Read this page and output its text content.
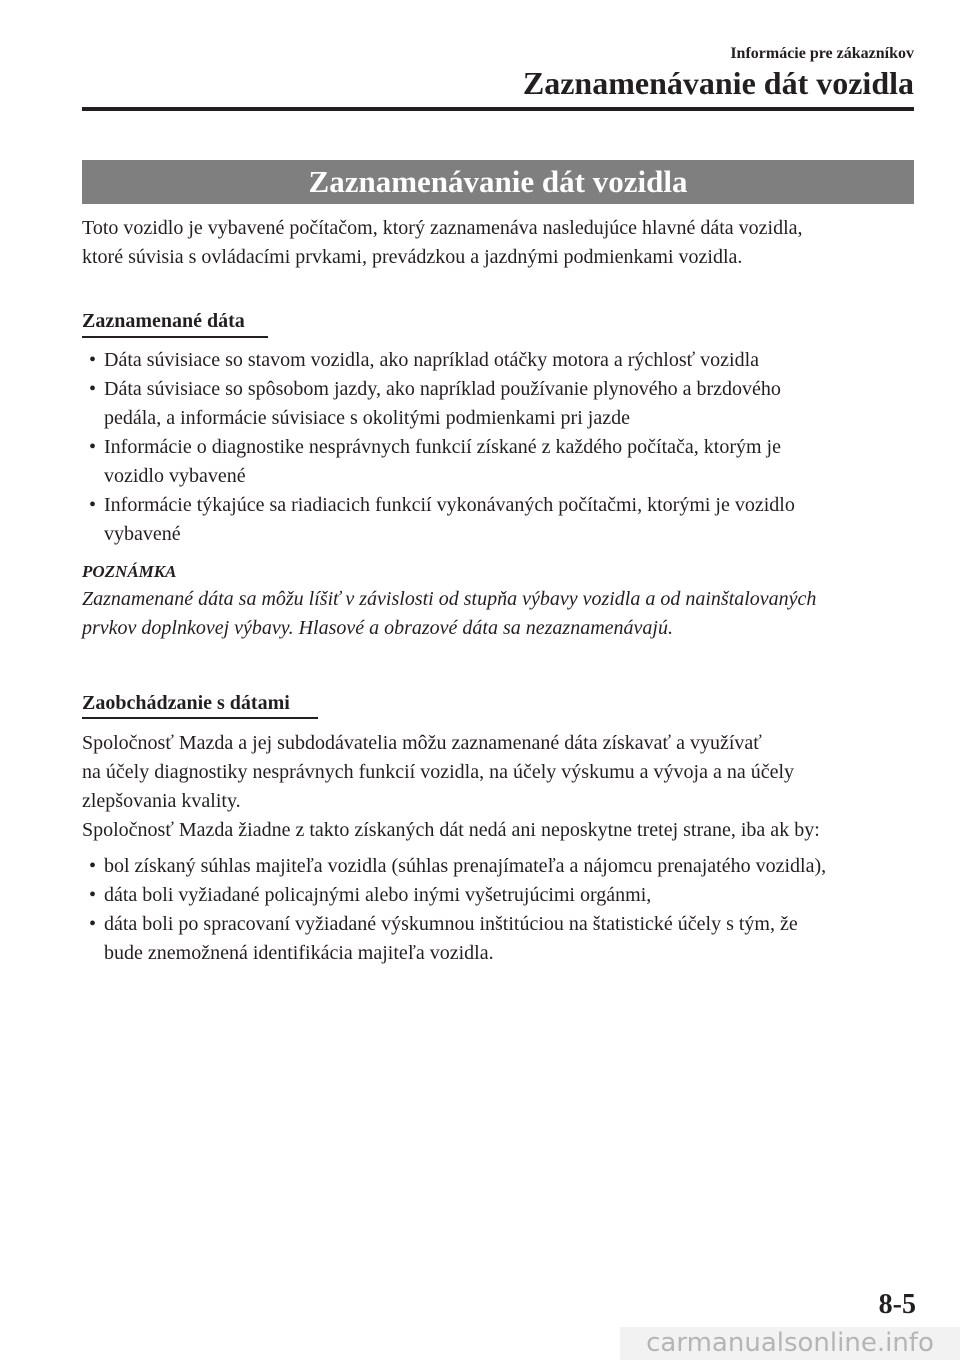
Informácie pre zákazníkov
Zaznamenávanie dát vozidla
Zaznamenávanie dát vozidla
Toto vozidlo je vybavené počítačom, ktorý zaznamenáva nasledujúce hlavné dáta vozidla,
ktoré súvisia s ovládacími prvkami, prevádzkou a jazdnými podmienkami vozidla.
Zaznamenané dáta
• Dáta súvisiace so stavom vozidla, ako napríklad otáčky motora a rýchlosť vozidla
• Dáta súvisiace so spôsobom jazdy, ako napríklad používanie plynového a brzdového
pedála, a informácie súvisiace s okolitými podmienkami pri jazde
• Informácie o diagnostike nesprávnych funkcií získané z každého počítača, ktorým je
vozidlo vybavené
• Informácie týkajúce sa riadiacich funkcií vykonávaných počítačmi, ktorými je vozidlo
vybavené
POZNÁMKA
Zaznamenané dáta sa môžu líšiť v závislosti od stupňa výbavy vozidla a od nainštalovaných
prvkov doplnkovej výbavy. Hlasové a obrazové dáta sa nezaznamenávajú.
Zaobchádzanie s dátami
Spoločnosť Mazda a jej subdodávatelia môžu zaznamenané dáta získavať a využívať
na účely diagnostiky nesprávnych funkcií vozidla, na účely výskumu a vývoja a na účely
zlepšovania kvality.
Spoločnosť Mazda žiadne z takto získaných dát nedá ani neposkytne tretej strane, iba ak by:
• bol získaný súhlas majiteľa vozidla (súhlas prenajímateľa a nájomcu prenajatého vozidla),
• dáta boli vyžiadané policajnými alebo inými vyšetrujúcimi orgánmi,
• dáta boli po spracovaní vyžiadané výskumnou inštitúciou na štatistické účely s tým, že
bude znemožnená identifikácia majiteľa vozidla.
8-5
carmanualsonline.info
